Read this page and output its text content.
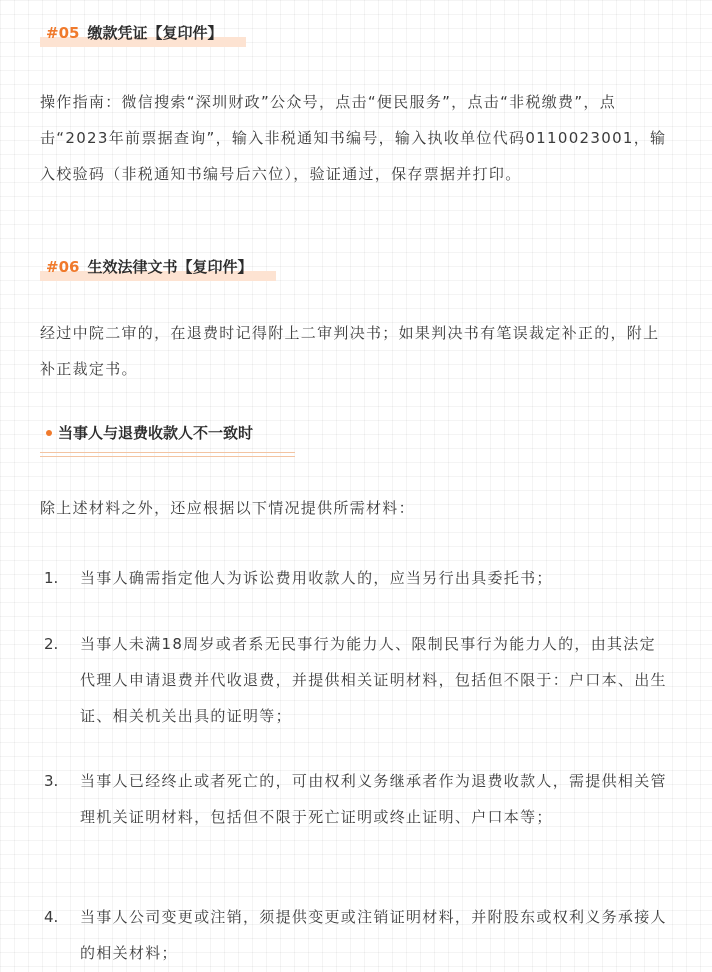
#05 缴款凭证【复印件】
操作指南：微信搜索“深圳财政”公众号，点击“便民服务”，点击“非税缴费”，点击“2023年前票据查询”，输入非税通知书编号，输入执收单位代码0110023001，输入校验码（非税通知书编号后六位），验证通过，保存票据并打印。
#06 生效法律文书【复印件】
经过中院二审的，在退费时记得附上二审判决书；如果判决书有笔误裁定补正的，附上补正裁定书。
当事人与退费收款人不一致时
除上述材料之外，还应根据以下情况提供所需材料：
1. 当事人确需指定他人为诉讼费用收款人的，应当另行出具委托书；
2. 当事人未满18周岁或者系无民事行为能力人、限制民事行为能力人的，由其法定代理人申请退费并代收退费，并提供相关证明材料，包括但不限于：户口本、出生证、相关机关出具的证明等；
3. 当事人已经终止或者死亡的，可由权利义务继承者作为退费收款人，需提供相关管理机关证明材料，包括但不限于死亡证明或终止证明、户口本等；
4. 当事人公司变更或注销，须提供变更或注销证明材料，并附股东或权利义务承接人的相关材料；
